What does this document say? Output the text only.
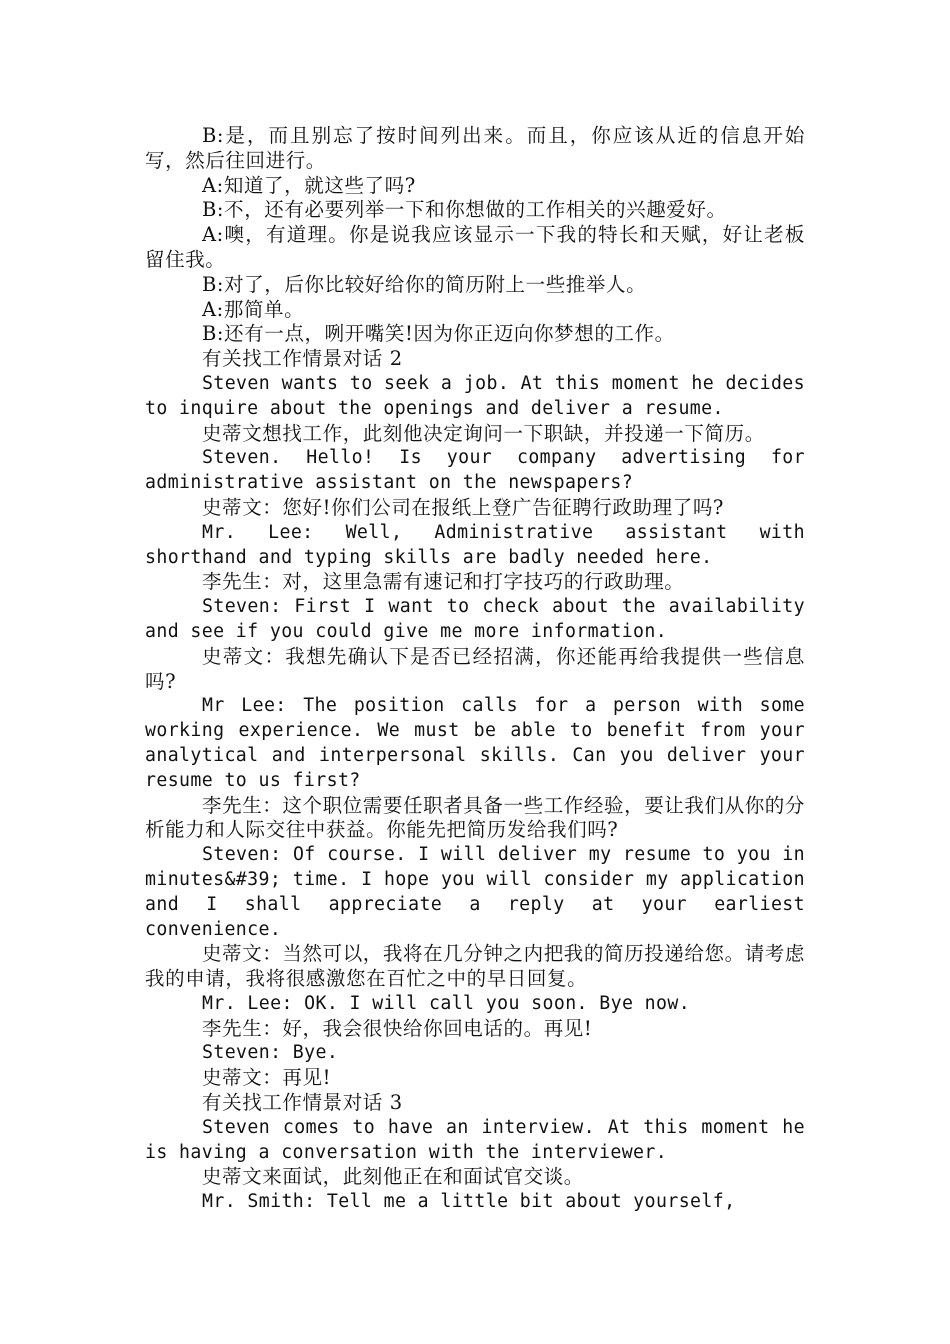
B:是，而且别忘了按时间列出来。而且，你应该从近的信息开始写，然后往回进行。

A:知道了，就这些了吗?

B:不，还有必要列举一下和你想做的工作相关的兴趣爱好。

A:噢，有道理。你是说我应该显示一下我的特长和天赋，好让老板留住我。

B:对了，后你比较好给你的简历附上一些推举人。

A:那简单。

B:还有一点，咧开嘴笑!因为你正迈向你梦想的工作。

有关找工作情景对话 2

Steven wants to seek a job. At this moment he decides to inquire about the openings and deliver a resume.

史蒂文想找工作，此刻他决定询问一下职缺，并投递一下简历。

Steven. Hello! Is your company advertising for administrative assistant on the newspapers?

史蒂文：您好!你们公司在报纸上登广告征聘行政助理了吗?

Mr. Lee: Well, Administrative assistant with shorthand and typing skills are badly needed here.

李先生：对，这里急需有速记和打字技巧的行政助理。

Steven: First I want to check about the availability and see if you could give me more information.

史蒂文：我想先确认下是否已经招满，你还能再给我提供一些信息吗?

Mr Lee: The position calls for a person with some working experience. We must be able to benefit from your analytical and interpersonal skills. Can you deliver your resume to us first?

李先生：这个职位需要任职者具备一些工作经验，要让我们从你的分析能力和人际交往中获益。你能先把简历发给我们吗?

Steven: Of course. I will deliver my resume to you in minutes&#39; time. I hope you will consider my application and I shall appreciate a reply at your earliest convenience.

史蒂文：当然可以，我将在几分钟之内把我的简历投递给您。请考虑我的申请，我将很感激您在百忙之中的早日回复。

Mr. Lee: OK. I will call you soon. Bye now.

李先生：好，我会很快给你回电话的。再见!

Steven: Bye.

史蒂文：再见!

有关找工作情景对话 3

Steven comes to have an interview. At this moment he is having a conversation with the interviewer.

史蒂文来面试，此刻他正在和面试官交谈。

Mr. Smith: Tell me a little bit about yourself,
